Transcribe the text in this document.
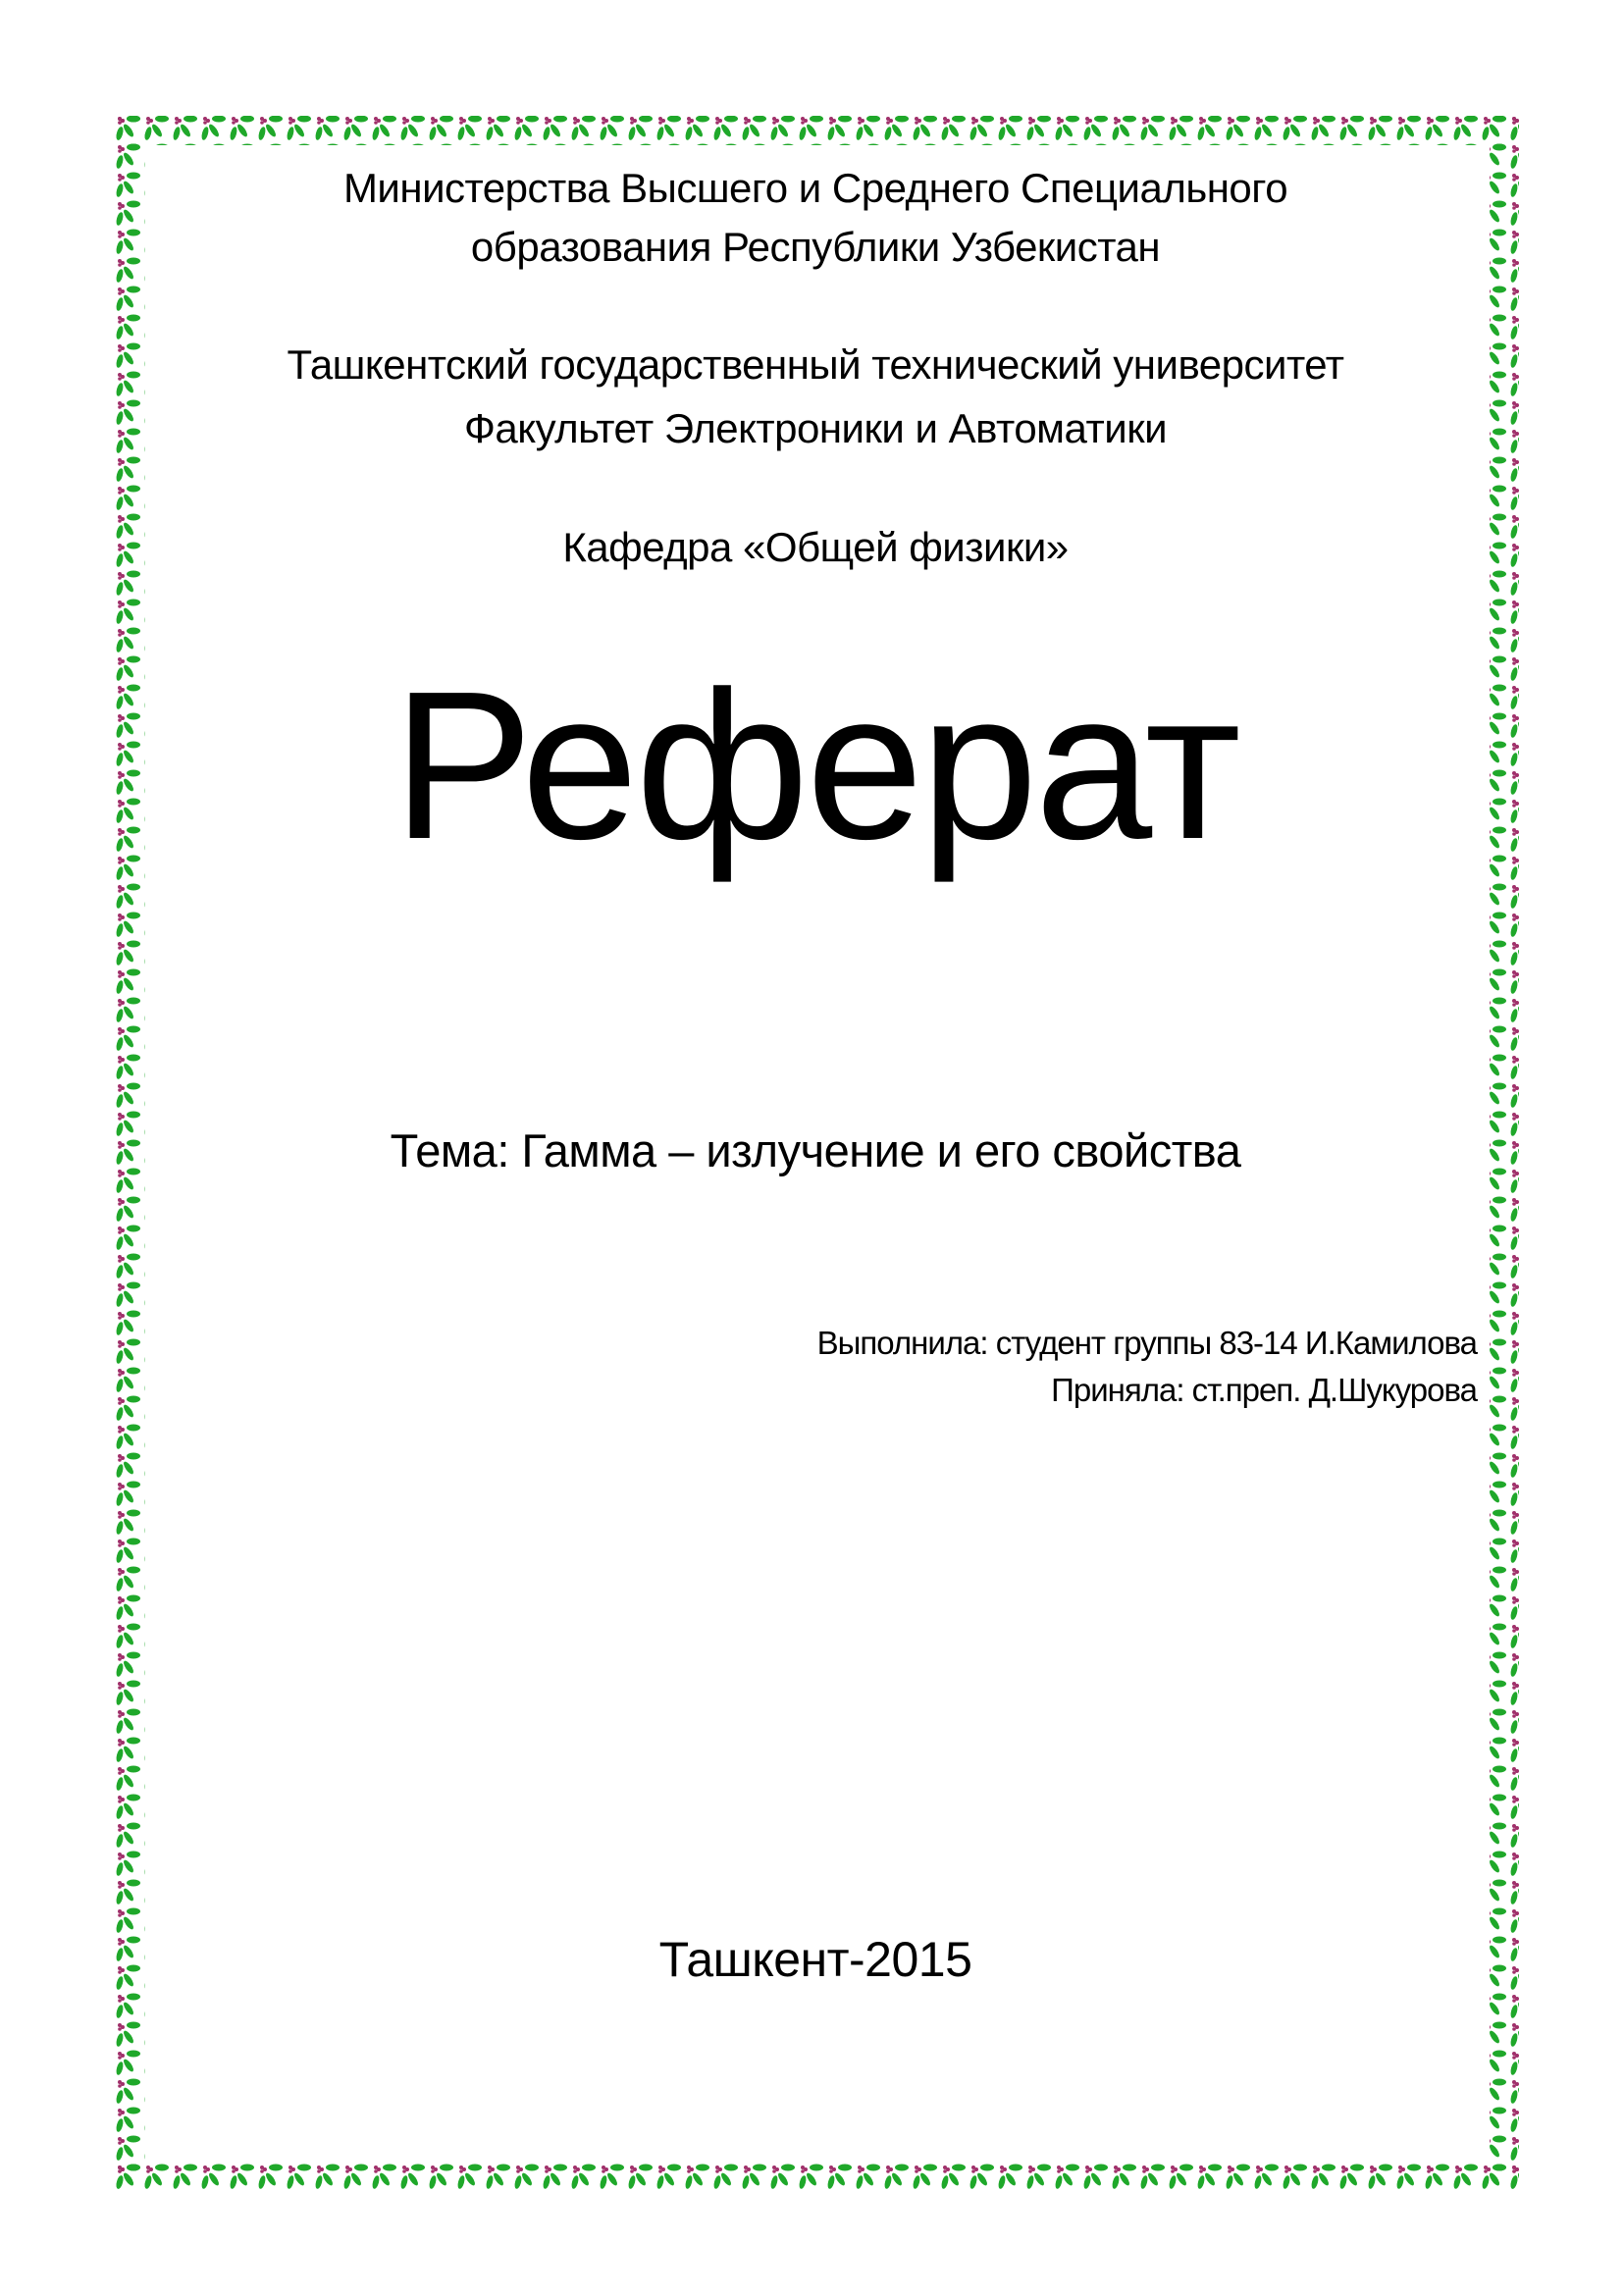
Министерства Высшего и Среднего Специального
образования Республики Узбекистан
Ташкентский государственный технический университет
Факультет Электроники и Автоматики
Кафедра «Общей физики»
Реферат
Тема: Гамма – излучение и его свойства
Выполнила: студент группы 83-14 И.Камилова
Приняла: ст.преп. Д.Шукурова
Ташкент-2015
